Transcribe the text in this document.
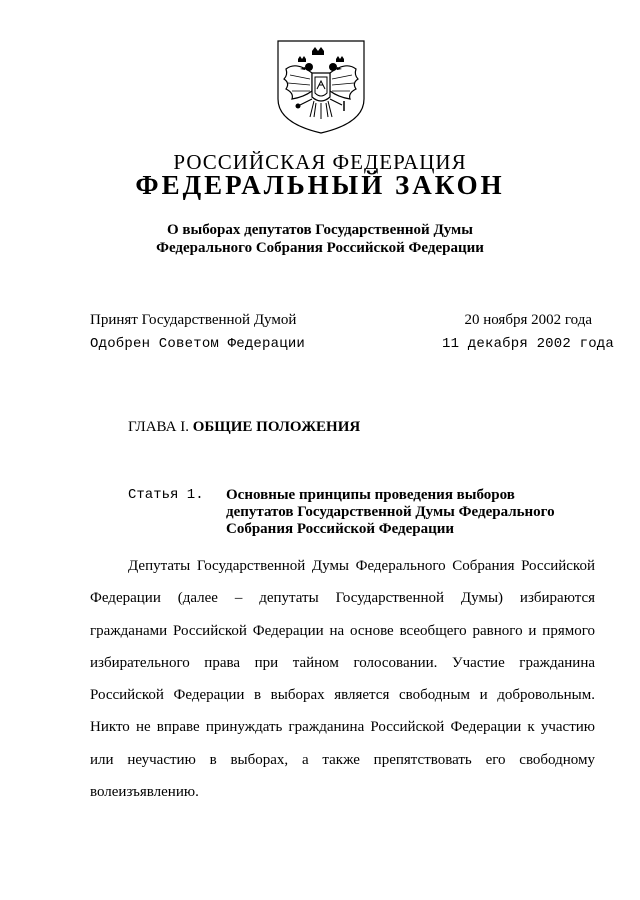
РОССИЙСКАЯ ФЕДЕРАЦИЯ
ФЕДЕРАЛЬНЫЙ ЗАКОН
О выборах депутатов Государственной Думы
Федерального Собрания Российской Федерации
Принят Государственной Думой	20 ноября 2002 года
Одобрен Советом Федерации	11 декабря 2002 года
ГЛАВА I. ОБЩИЕ ПОЛОЖЕНИЯ
Статья 1. Основные принципы проведения выборов
депутатов Государственной Думы Федерального
Собрания Российской Федерации

Депутаты Государственной Думы Федерального Собрания Российской Федерации (далее – депутаты Государственной Думы) избираются гражданами Российской Федерации на основе всеобщего равного и прямого избирательного права при тайном голосовании. Участие гражданина Российской Федерации в выборах является свободным и добровольным. Никто не вправе принуждать гражданина Российской Федерации к участию или неучастию в выборах, а также препятствовать его свободному волеизъявлению.
